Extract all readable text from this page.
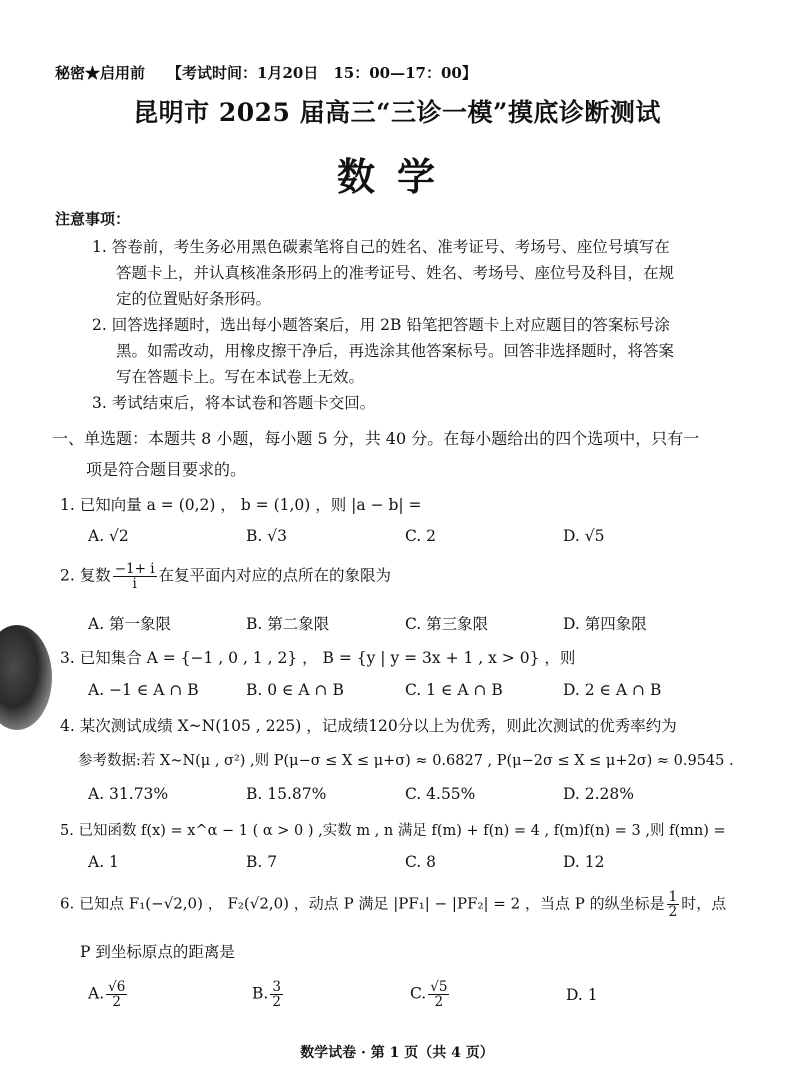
秘密★启用前 【考试时间：1月20日　15：00—17：00】
昆明市 2025 届高三“三诊一模”摸底诊断测试
数学
注意事项：
1. 答卷前，考生务必用黑色碳素笔将自己的姓名、准考证号、考场号、座位号填写在
答题卡上，并认真核准条形码上的准考证号、姓名、考场号、座位号及科目，在规
定的位置贴好条形码。
2. 回答选择题时，选出每小题答案后，用 2B 铅笔把答题卡上对应题目的答案标号涂
黑。如需改动，用橡皮擦干净后，再选涂其他答案标号。回答非选择题时，将答案
写在答题卡上。写在本试卷上无效。
3. 考试结束后，将本试卷和答题卡交回。
一、单选题：本题共 8 小题，每小题 5 分，共 40 分。在每小题给出的四个选项中，只有一
项是符合题目要求的。
1. 已知向量 a = (0,2) ， b = (1,0) ，则 |a − b| =
A. √2	B. √3	C. 2	D. √5
2. 复数 $\frac{-1+ i}{i}$ 在复平面内对应的点所在的象限为
A. 第一象限	B. 第二象限	C. 第三象限	D. 第四象限
3. 已知集合 A = {−1 , 0 , 1 , 2} ， B = {y | y = 3x + 1 , x > 0} ，则
A. −1 ∈ A ∩ B	B. 0 ∈ A ∩ B	C. 1 ∈ A ∩ B	D. 2 ∈ A ∩ B
4. 某次测试成绩 X~N(105 , 225) ，记成绩120分以上为优秀，则此次测试的优秀率约为
参考数据:若 X~N(μ , σ²) ,则 P(μ−σ ≤ X ≤ μ+σ) ≈ 0.6827 , P(μ−2σ ≤ X ≤ μ+2σ) ≈ 0.9545 .
A. 31.73%	B. 15.87%	C. 4.55%	D. 2.28%
5. 已知函数 f(x) = x^α − 1 ( α > 0 ) ,实数 m , n 满足 f(m) + f(n) = 4 , f(m)f(n) = 3 ,则 f(mn) =
A. 1	B. 7	C. 8	D. 12
6. 已知点 F₁(−√2,0) ， F₂(√2,0) ，动点 P 满足 |PF₁| − |PF₂| = 2 ，当点 P 的纵坐标是 $\frac{1}{2}$ 时，点
P 到坐标原点的距离是
A. $\frac{√6}{2}$	B. $\frac{3}{2}$	C. $\frac{√5}{2}$	D. 1
数学试卷 · 第 1 页（共 4 页）
